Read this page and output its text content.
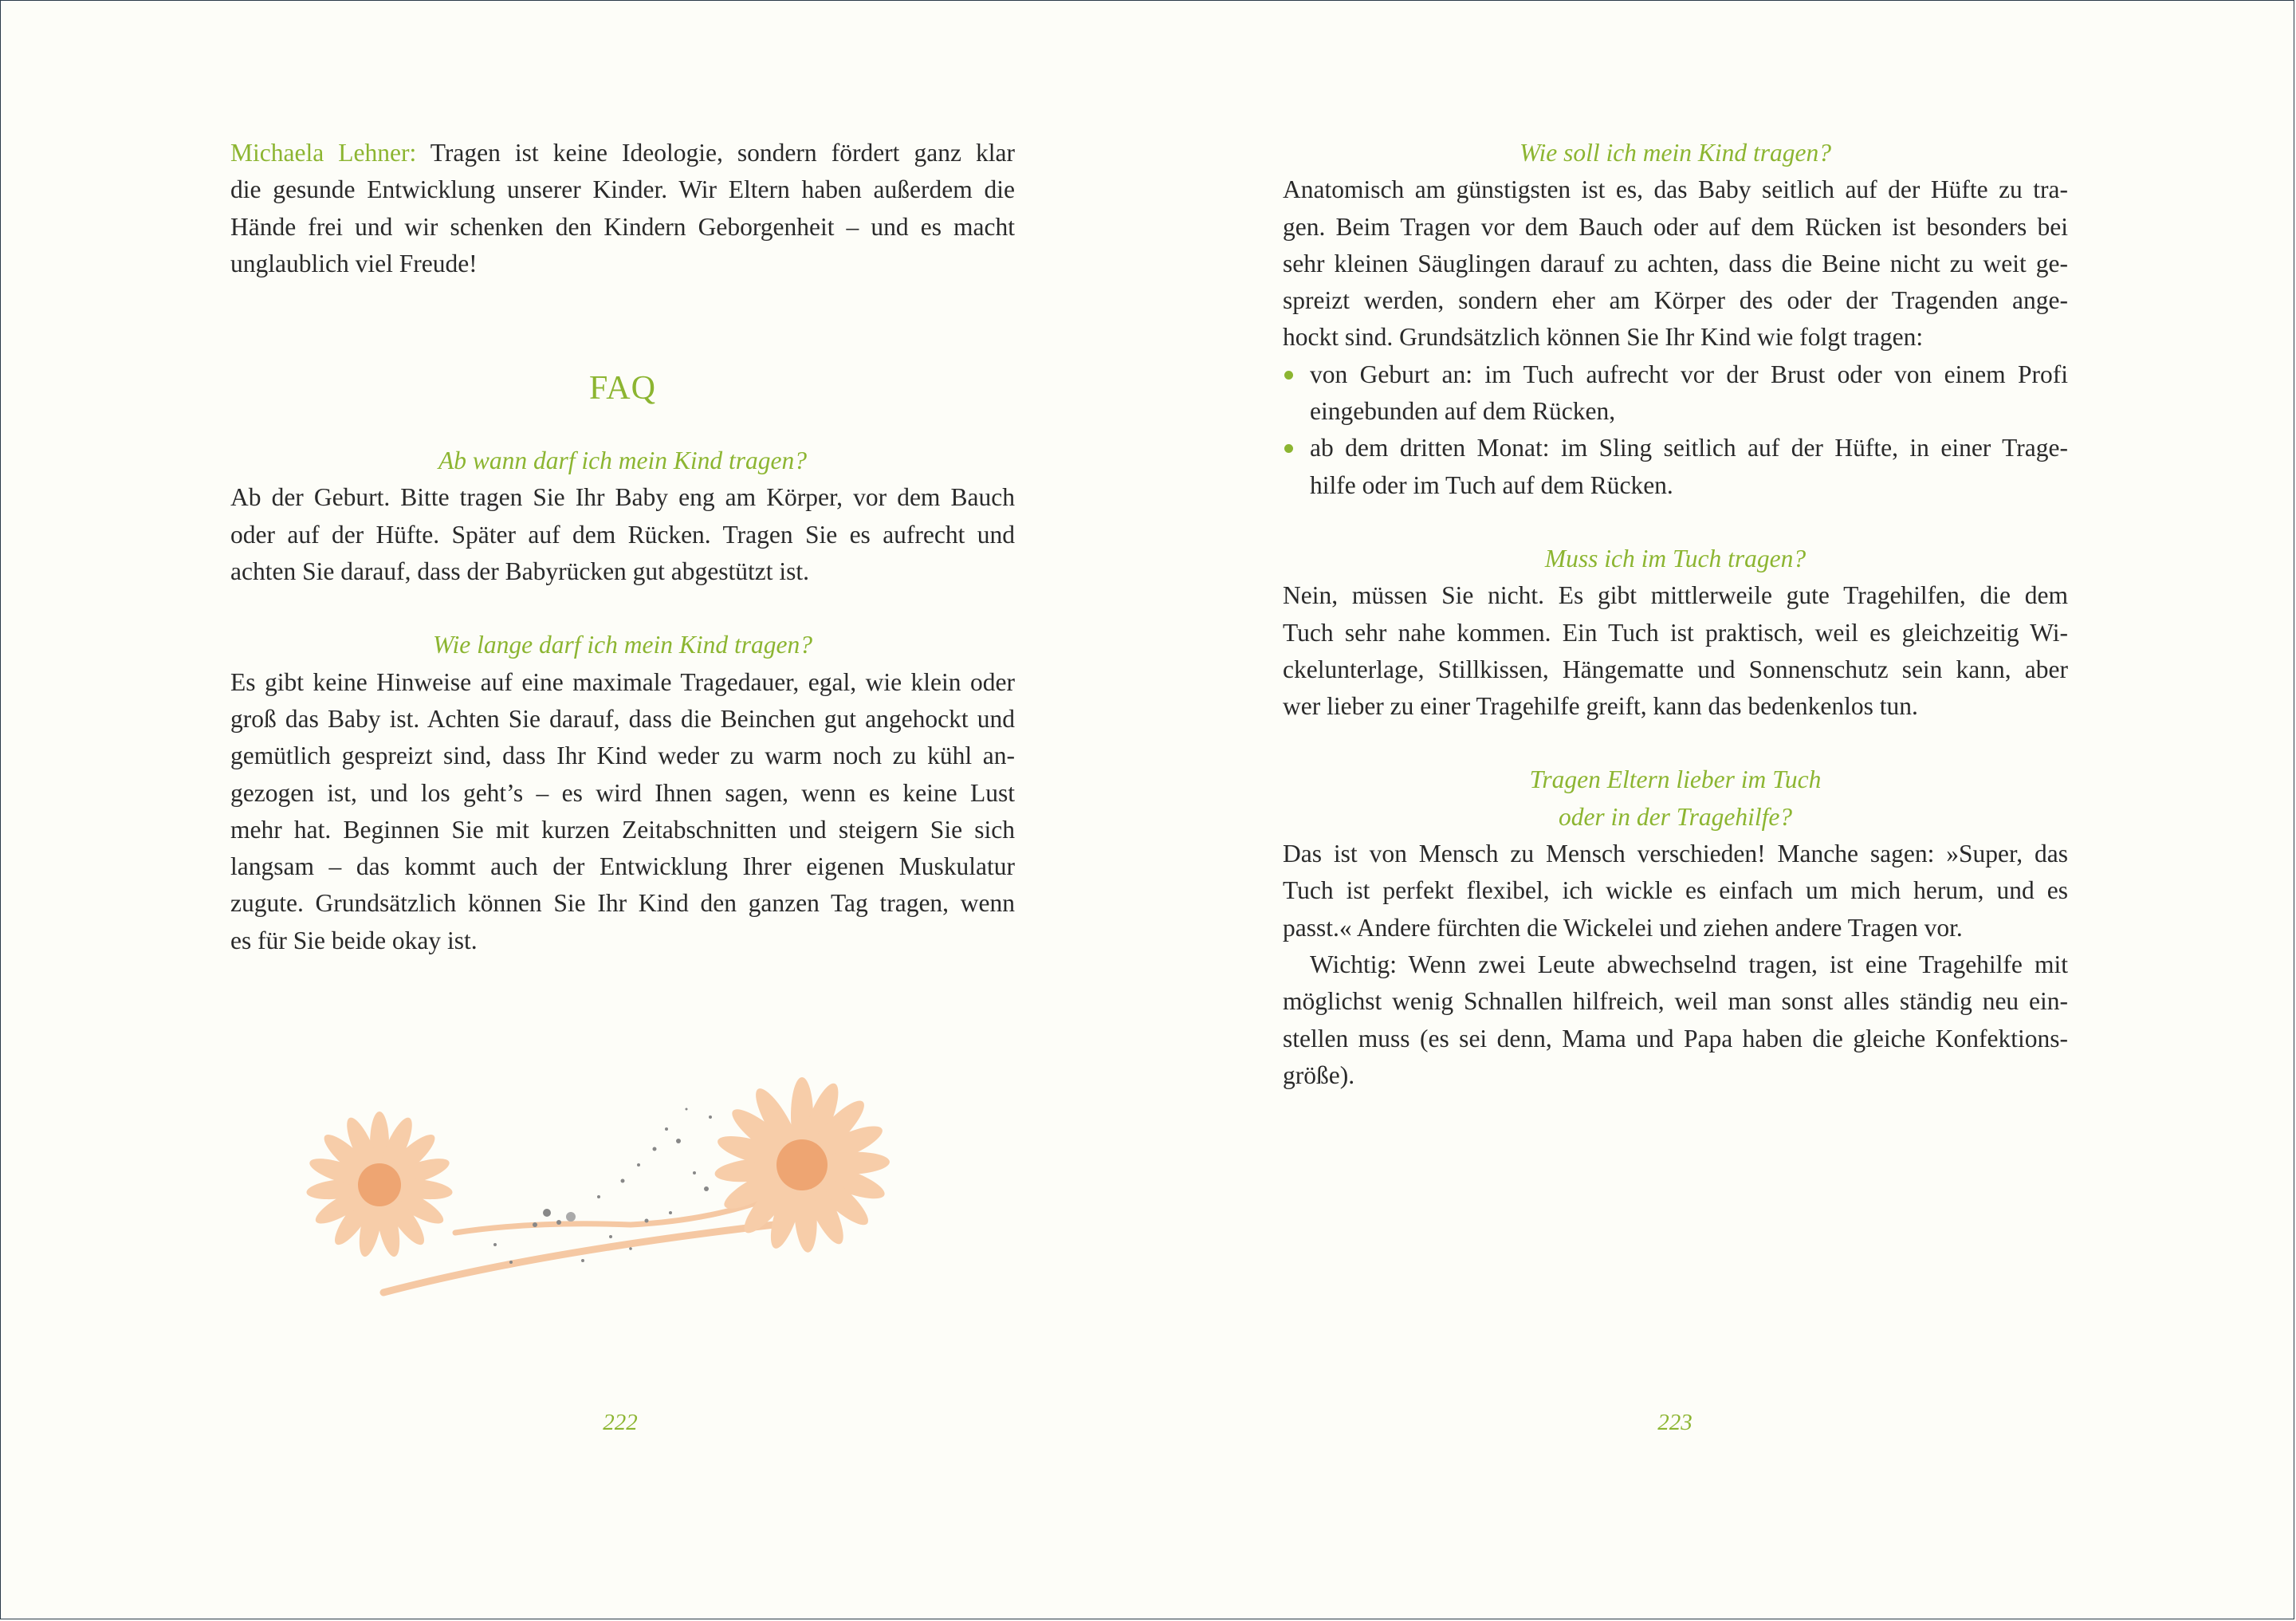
Michaela Lehner: Tragen ist keine Ideologie, sondern fördert ganz klar
die gesunde Entwicklung unserer Kinder. Wir Eltern haben außerdem die
Hände frei und wir schenken den Kindern Geborgenheit – und es macht
unglaublich viel Freude!
FAQ
Ab wann darf ich mein Kind tragen?
Ab der Geburt. Bitte tragen Sie Ihr Baby eng am Körper, vor dem Bauch
oder auf der Hüfte. Später auf dem Rücken. Tragen Sie es aufrecht und
achten Sie darauf, dass der Babyrücken gut abgestützt ist.
Wie lange darf ich mein Kind tragen?
Es gibt keine Hinweise auf eine maximale Tragedauer, egal, wie klein oder
groß das Baby ist. Achten Sie darauf, dass die Beinchen gut angehockt und
gemütlich gespreizt sind, dass Ihr Kind weder zu warm noch zu kühl an-
gezogen ist, und los geht’s – es wird Ihnen sagen, wenn es keine Lust
mehr hat. Beginnen Sie mit kurzen Zeitabschnitten und steigern Sie sich
langsam – das kommt auch der Entwicklung Ihrer eigenen Muskulatur
zugute. Grundsätzlich können Sie Ihr Kind den ganzen Tag tragen, wenn
es für Sie beide okay ist.
222
Wie soll ich mein Kind tragen?
Anatomisch am günstigsten ist es, das Baby seitlich auf der Hüfte zu tra-
gen. Beim Tragen vor dem Bauch oder auf dem Rücken ist besonders bei
sehr kleinen Säuglingen darauf zu achten, dass die Beine nicht zu weit ge-
spreizt werden, sondern eher am Körper des oder der Tragenden ange-
hockt sind. Grundsätzlich können Sie Ihr Kind wie folgt tragen:
von Geburt an: im Tuch aufrecht vor der Brust oder von einem Profi
eingebunden auf dem Rücken,
ab dem dritten Monat: im Sling seitlich auf der Hüfte, in einer Trage-
hilfe oder im Tuch auf dem Rücken.
Muss ich im Tuch tragen?
Nein, müssen Sie nicht. Es gibt mittlerweile gute Tragehilfen, die dem
Tuch sehr nahe kommen. Ein Tuch ist praktisch, weil es gleichzeitig Wi-
ckelunterlage, Stillkissen, Hängematte und Sonnenschutz sein kann, aber
wer lieber zu einer Tragehilfe greift, kann das bedenkenlos tun.
Tragen Eltern lieber im Tuch
oder in der Tragehilfe?
Das ist von Mensch zu Mensch verschieden! Manche sagen: »Super, das
Tuch ist perfekt flexibel, ich wickle es einfach um mich herum, und es
passt.« Andere fürchten die Wickelei und ziehen andere Tragen vor.
Wichtig: Wenn zwei Leute abwechselnd tragen, ist eine Tragehilfe mit
möglichst wenig Schnallen hilfreich, weil man sonst alles ständig neu ein-
stellen muss (es sei denn, Mama und Papa haben die gleiche Konfektions-
größe).
223
